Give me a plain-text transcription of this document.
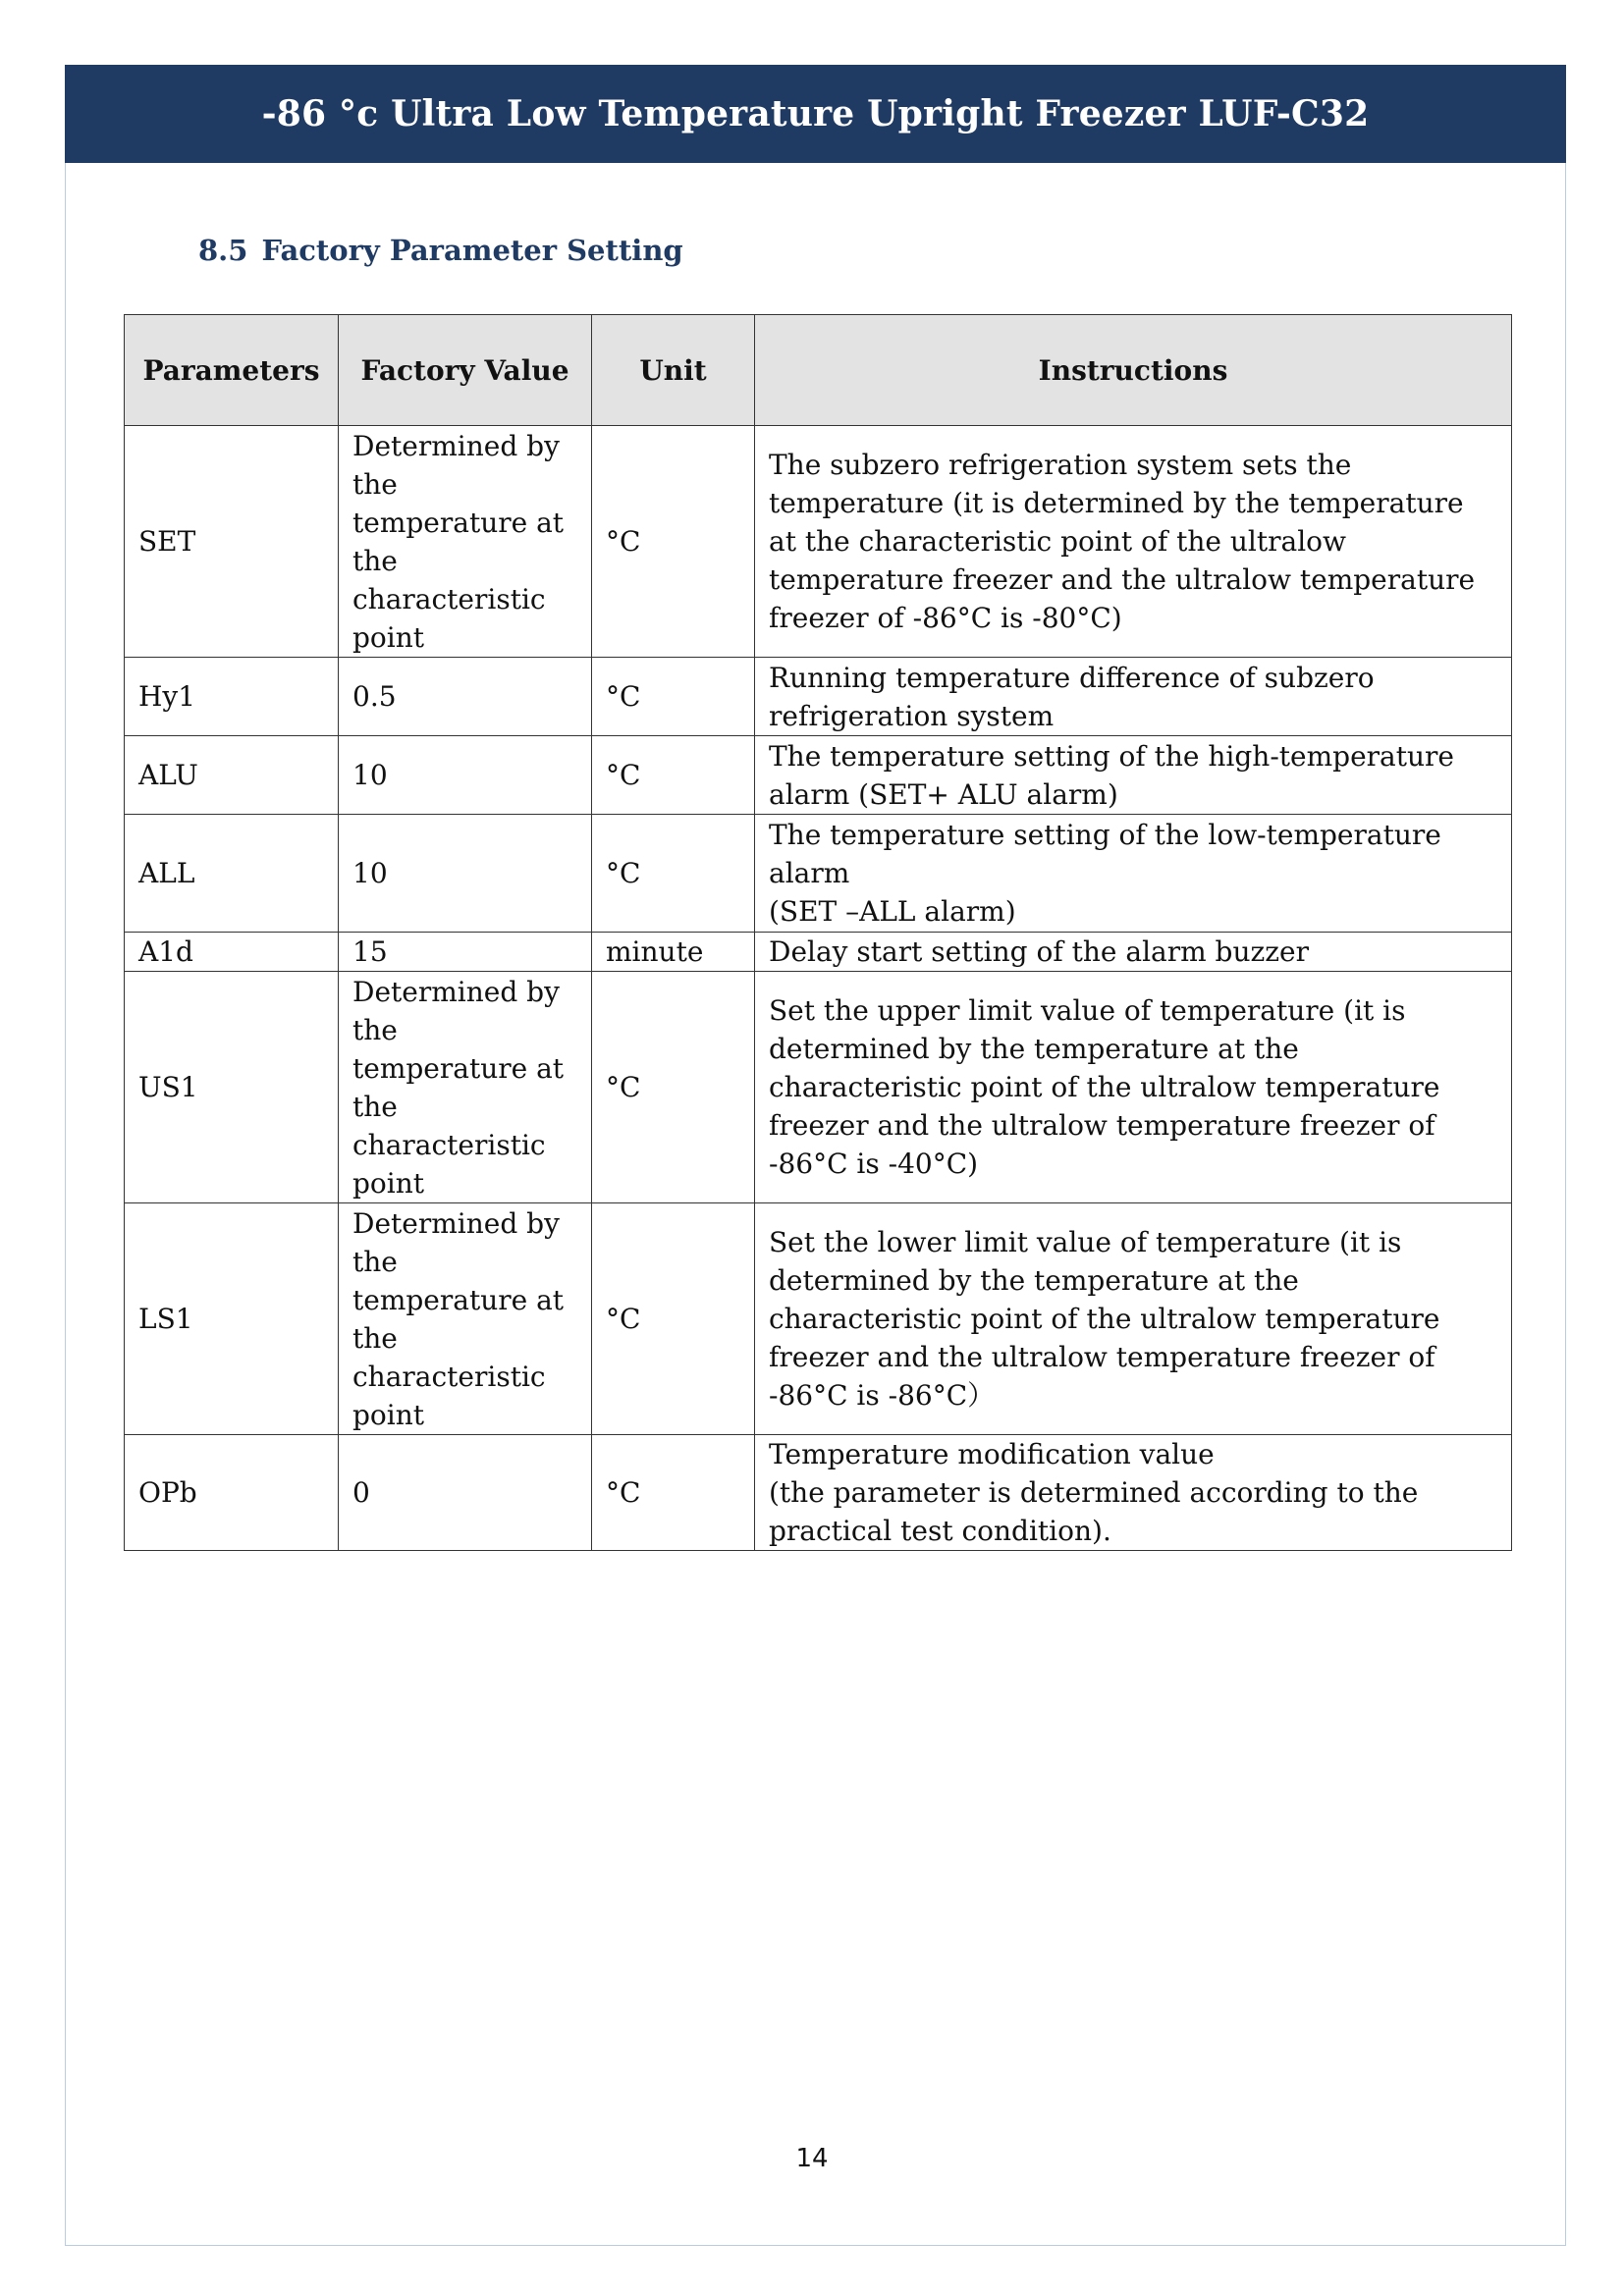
-86 °c Ultra Low Temperature Upright Freezer LUF-C32
8.5 Factory Parameter Setting
Parameters	Factory Value	Unit	Instructions
SET	Determined by the temperature at the characteristic point	°C	The subzero refrigeration system sets the temperature (it is determined by the temperature at the characteristic point of the ultralow temperature freezer and the ultralow temperature freezer of -86°C is -80°C)
Hy1	0.5	°C	Running temperature difference of subzero refrigeration system
ALU	10	°C	The temperature setting of the high-temperature alarm (SET+ ALU alarm)
ALL	10	°C	The temperature setting of the low-temperature alarm
(SET –ALL alarm)
A1d	15	minute	Delay start setting of the alarm buzzer
US1	Determined by the temperature at the characteristic point	°C	Set the upper limit value of temperature (it is determined by the temperature at the characteristic point of the ultralow temperature freezer and the ultralow temperature freezer of -86°C is -40°C)
LS1	Determined by the temperature at the characteristic point	°C	Set the lower limit value of temperature (it is determined by the temperature at the characteristic point of the ultralow temperature freezer and the ultralow temperature freezer of -86°C is -86°C）
OPb	0	°C	Temperature modification value
(the parameter is determined according to the practical test condition).
14
